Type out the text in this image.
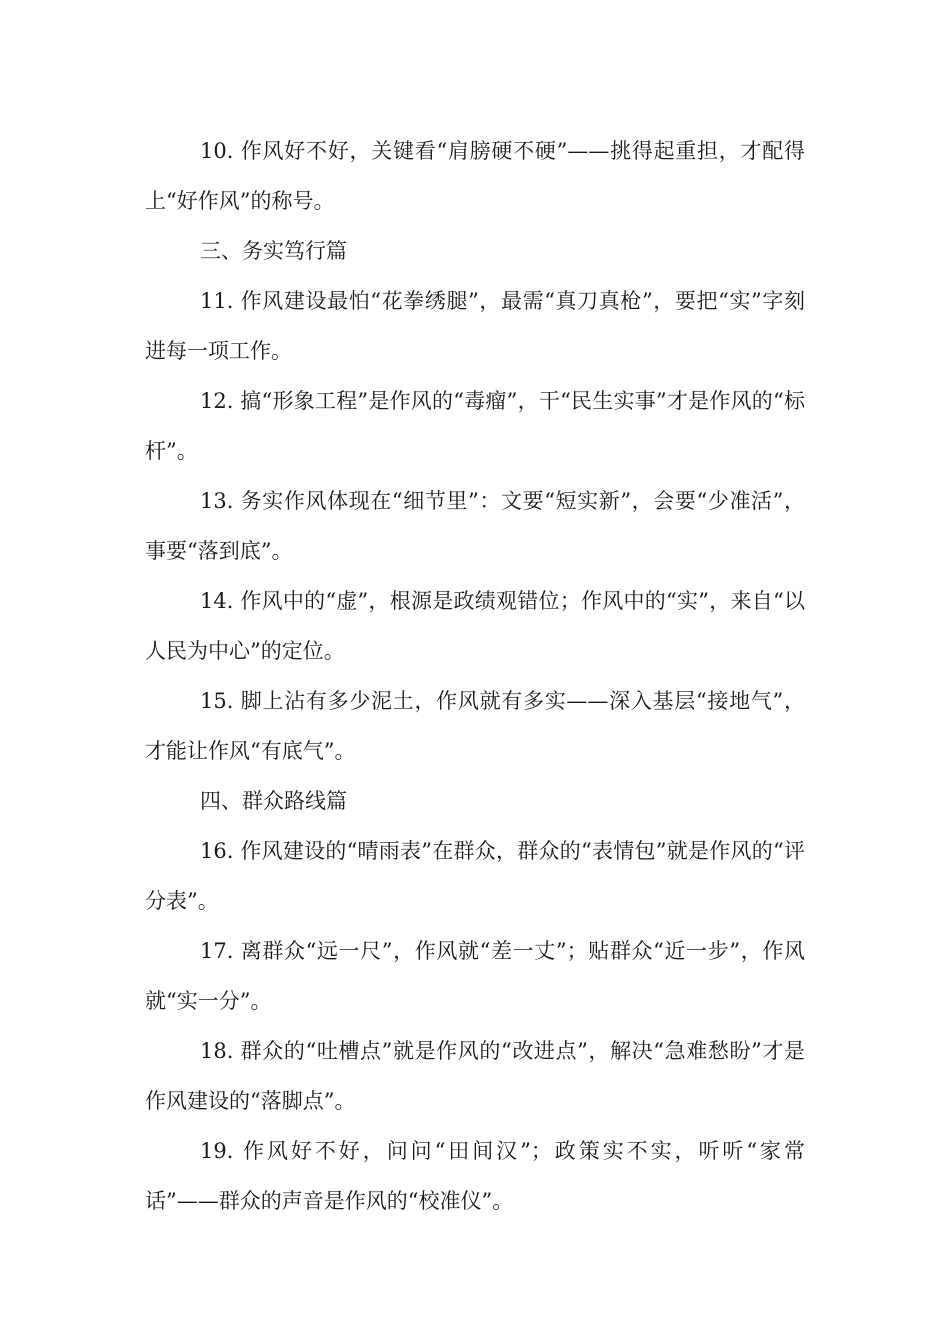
10. 作风好不好，关键看“肩膀硬不硬”——挑得起重担，才配得上“好作风”的称号。

三、务实笃行篇

11. 作风建设最怕“花拳绣腿”，最需“真刀真枪”，要把“实”字刻进每一项工作。

12. 搞“形象工程”是作风的“毒瘤”，干“民生实事”才是作风的“标杆”。

13. 务实作风体现在“细节里”：文要“短实新”，会要“少准活”，事要“落到底”。

14. 作风中的“虚”，根源是政绩观错位；作风中的“实”，来自“以人民为中心”的定位。

15. 脚上沾有多少泥土，作风就有多实——深入基层“接地气”，才能让作风“有底气”。

四、群众路线篇

16. 作风建设的“晴雨表”在群众，群众的“表情包”就是作风的“评分表”。

17. 离群众“远一尺”，作风就“差一丈”；贴群众“近一步”，作风就“实一分”。

18. 群众的“吐槽点”就是作风的“改进点”，解决“急难愁盼”才是作风建设的“落脚点”。

19. 作风好不好，问问“田间汉”；政策实不实，听听“家常话”——群众的声音是作风的“校准仪”。
